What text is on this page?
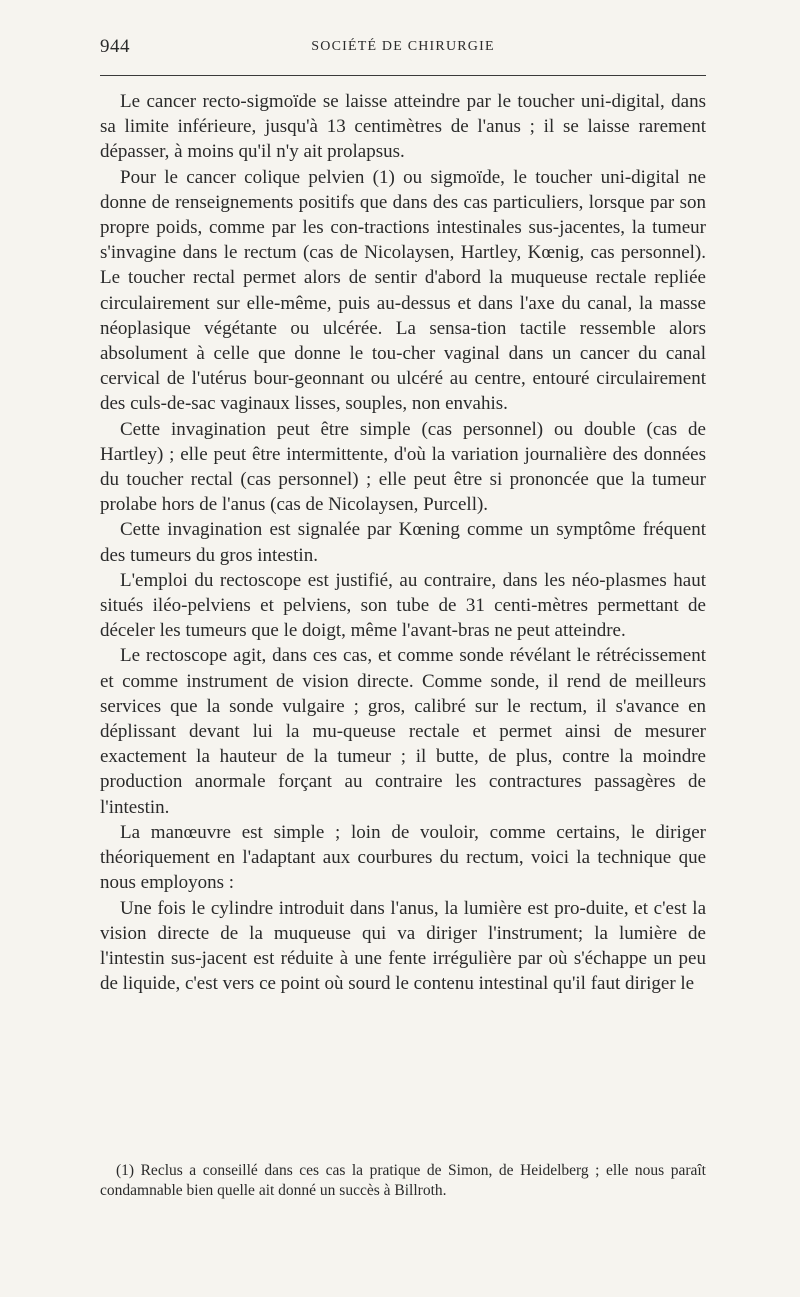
944	SOCIÉTÉ DE CHIRURGIE

Le cancer recto-sigmoïde se laisse atteindre par le toucher uni-digital, dans sa limite inférieure, jusqu'à 13 centimètres de l'anus ; il se laisse rarement dépasser, à moins qu'il n'y ait prolapsus.

Pour le cancer colique pelvien (1) ou sigmoïde, le toucher uni-digital ne donne de renseignements positifs que dans des cas particuliers, lorsque par son propre poids, comme par les con-tractions intestinales sus-jacentes, la tumeur s'invagine dans le rectum (cas de Nicolaysen, Hartley, Kœnig, cas personnel). Le toucher rectal permet alors de sentir d'abord la muqueuse rectale repliée circulairement sur elle-même, puis au-dessus et dans l'axe du canal, la masse néoplasique végétante ou ulcérée. La sensa-tion tactile ressemble alors absolument à celle que donne le tou-cher vaginal dans un cancer du canal cervical de l'utérus bour-geonnant ou ulcéré au centre, entouré circulairement des culs-de-sac vaginaux lisses, souples, non envahis.

Cette invagination peut être simple (cas personnel) ou double (cas de Hartley) ; elle peut être intermittente, d'où la variation journalière des données du toucher rectal (cas personnel) ; elle peut être si prononcée que la tumeur prolabe hors de l'anus (cas de Nicolaysen, Purcell).

Cette invagination est signalée par Kœning comme un symptôme fréquent des tumeurs du gros intestin.

L'emploi du rectoscope est justifié, au contraire, dans les néo-plasmes haut situés iléo-pelviens et pelviens, son tube de 31 centi-mètres permettant de déceler les tumeurs que le doigt, même l'avant-bras ne peut atteindre.

Le rectoscope agit, dans ces cas, et comme sonde révélant le rétrécissement et comme instrument de vision directe. Comme sonde, il rend de meilleurs services que la sonde vulgaire ; gros, calibré sur le rectum, il s'avance en déplissant devant lui la mu-queuse rectale et permet ainsi de mesurer exactement la hauteur de la tumeur ; il butte, de plus, contre la moindre production anormale forçant au contraire les contractures passagères de l'intestin.

La manœuvre est simple ; loin de vouloir, comme certains, le diriger théoriquement en l'adaptant aux courbures du rectum, voici la technique que nous employons :

Une fois le cylindre introduit dans l'anus, la lumière est pro-duite, et c'est la vision directe de la muqueuse qui va diriger l'instrument; la lumière de l'intestin sus-jacent est réduite à une fente irrégulière par où s'échappe un peu de liquide, c'est vers ce point où sourd le contenu intestinal qu'il faut diriger le

(1) Reclus a conseillé dans ces cas la pratique de Simon, de Heidelberg ; elle nous paraît condamnable bien quelle ait donné un succès à Billroth.
